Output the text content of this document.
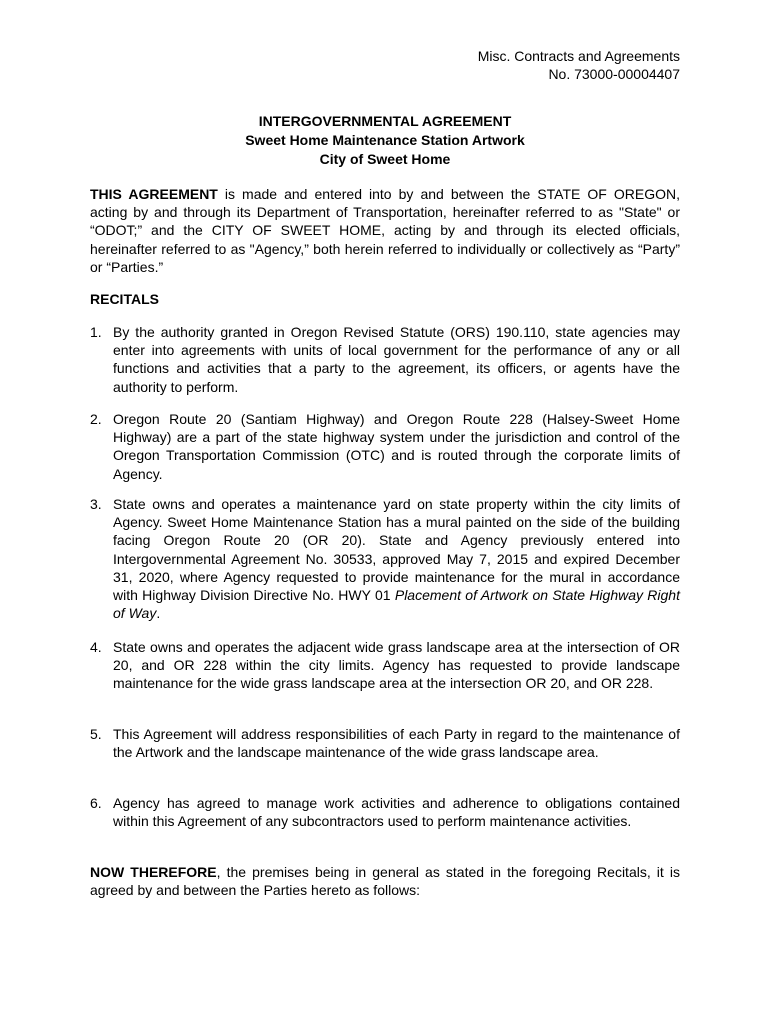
Misc. Contracts and Agreements
No. 73000-00004407
INTERGOVERNMENTAL AGREEMENT
Sweet Home Maintenance Station Artwork
City of Sweet Home
THIS AGREEMENT is made and entered into by and between the STATE OF OREGON, acting by and through its Department of Transportation, hereinafter referred to as "State" or “ODOT;” and the CITY OF SWEET HOME, acting by and through its elected officials, hereinafter referred to as "Agency,” both herein referred to individually or collectively as “Party” or “Parties.”
RECITALS
1. By the authority granted in Oregon Revised Statute (ORS) 190.110, state agencies may enter into agreements with units of local government for the performance of any or all functions and activities that a party to the agreement, its officers, or agents have the authority to perform.
2. Oregon Route 20 (Santiam Highway) and Oregon Route 228 (Halsey-Sweet Home Highway) are a part of the state highway system under the jurisdiction and control of the Oregon Transportation Commission (OTC) and is routed through the corporate limits of Agency.
3. State owns and operates a maintenance yard on state property within the city limits of Agency. Sweet Home Maintenance Station has a mural painted on the side of the building facing Oregon Route 20 (OR 20). State and Agency previously entered into Intergovernmental Agreement No. 30533, approved May 7, 2015 and expired December 31, 2020, where Agency requested to provide maintenance for the mural in accordance with Highway Division Directive No. HWY 01 Placement of Artwork on State Highway Right of Way.
4. State owns and operates the adjacent wide grass landscape area at the intersection of OR 20, and OR 228 within the city limits. Agency has requested to provide landscape maintenance for the wide grass landscape area at the intersection OR 20, and OR 228.
5. This Agreement will address responsibilities of each Party in regard to the maintenance of the Artwork and the landscape maintenance of the wide grass landscape area.
6. Agency has agreed to manage work activities and adherence to obligations contained within this Agreement of any subcontractors used to perform maintenance activities.
NOW THEREFORE, the premises being in general as stated in the foregoing Recitals, it is agreed by and between the Parties hereto as follows:
